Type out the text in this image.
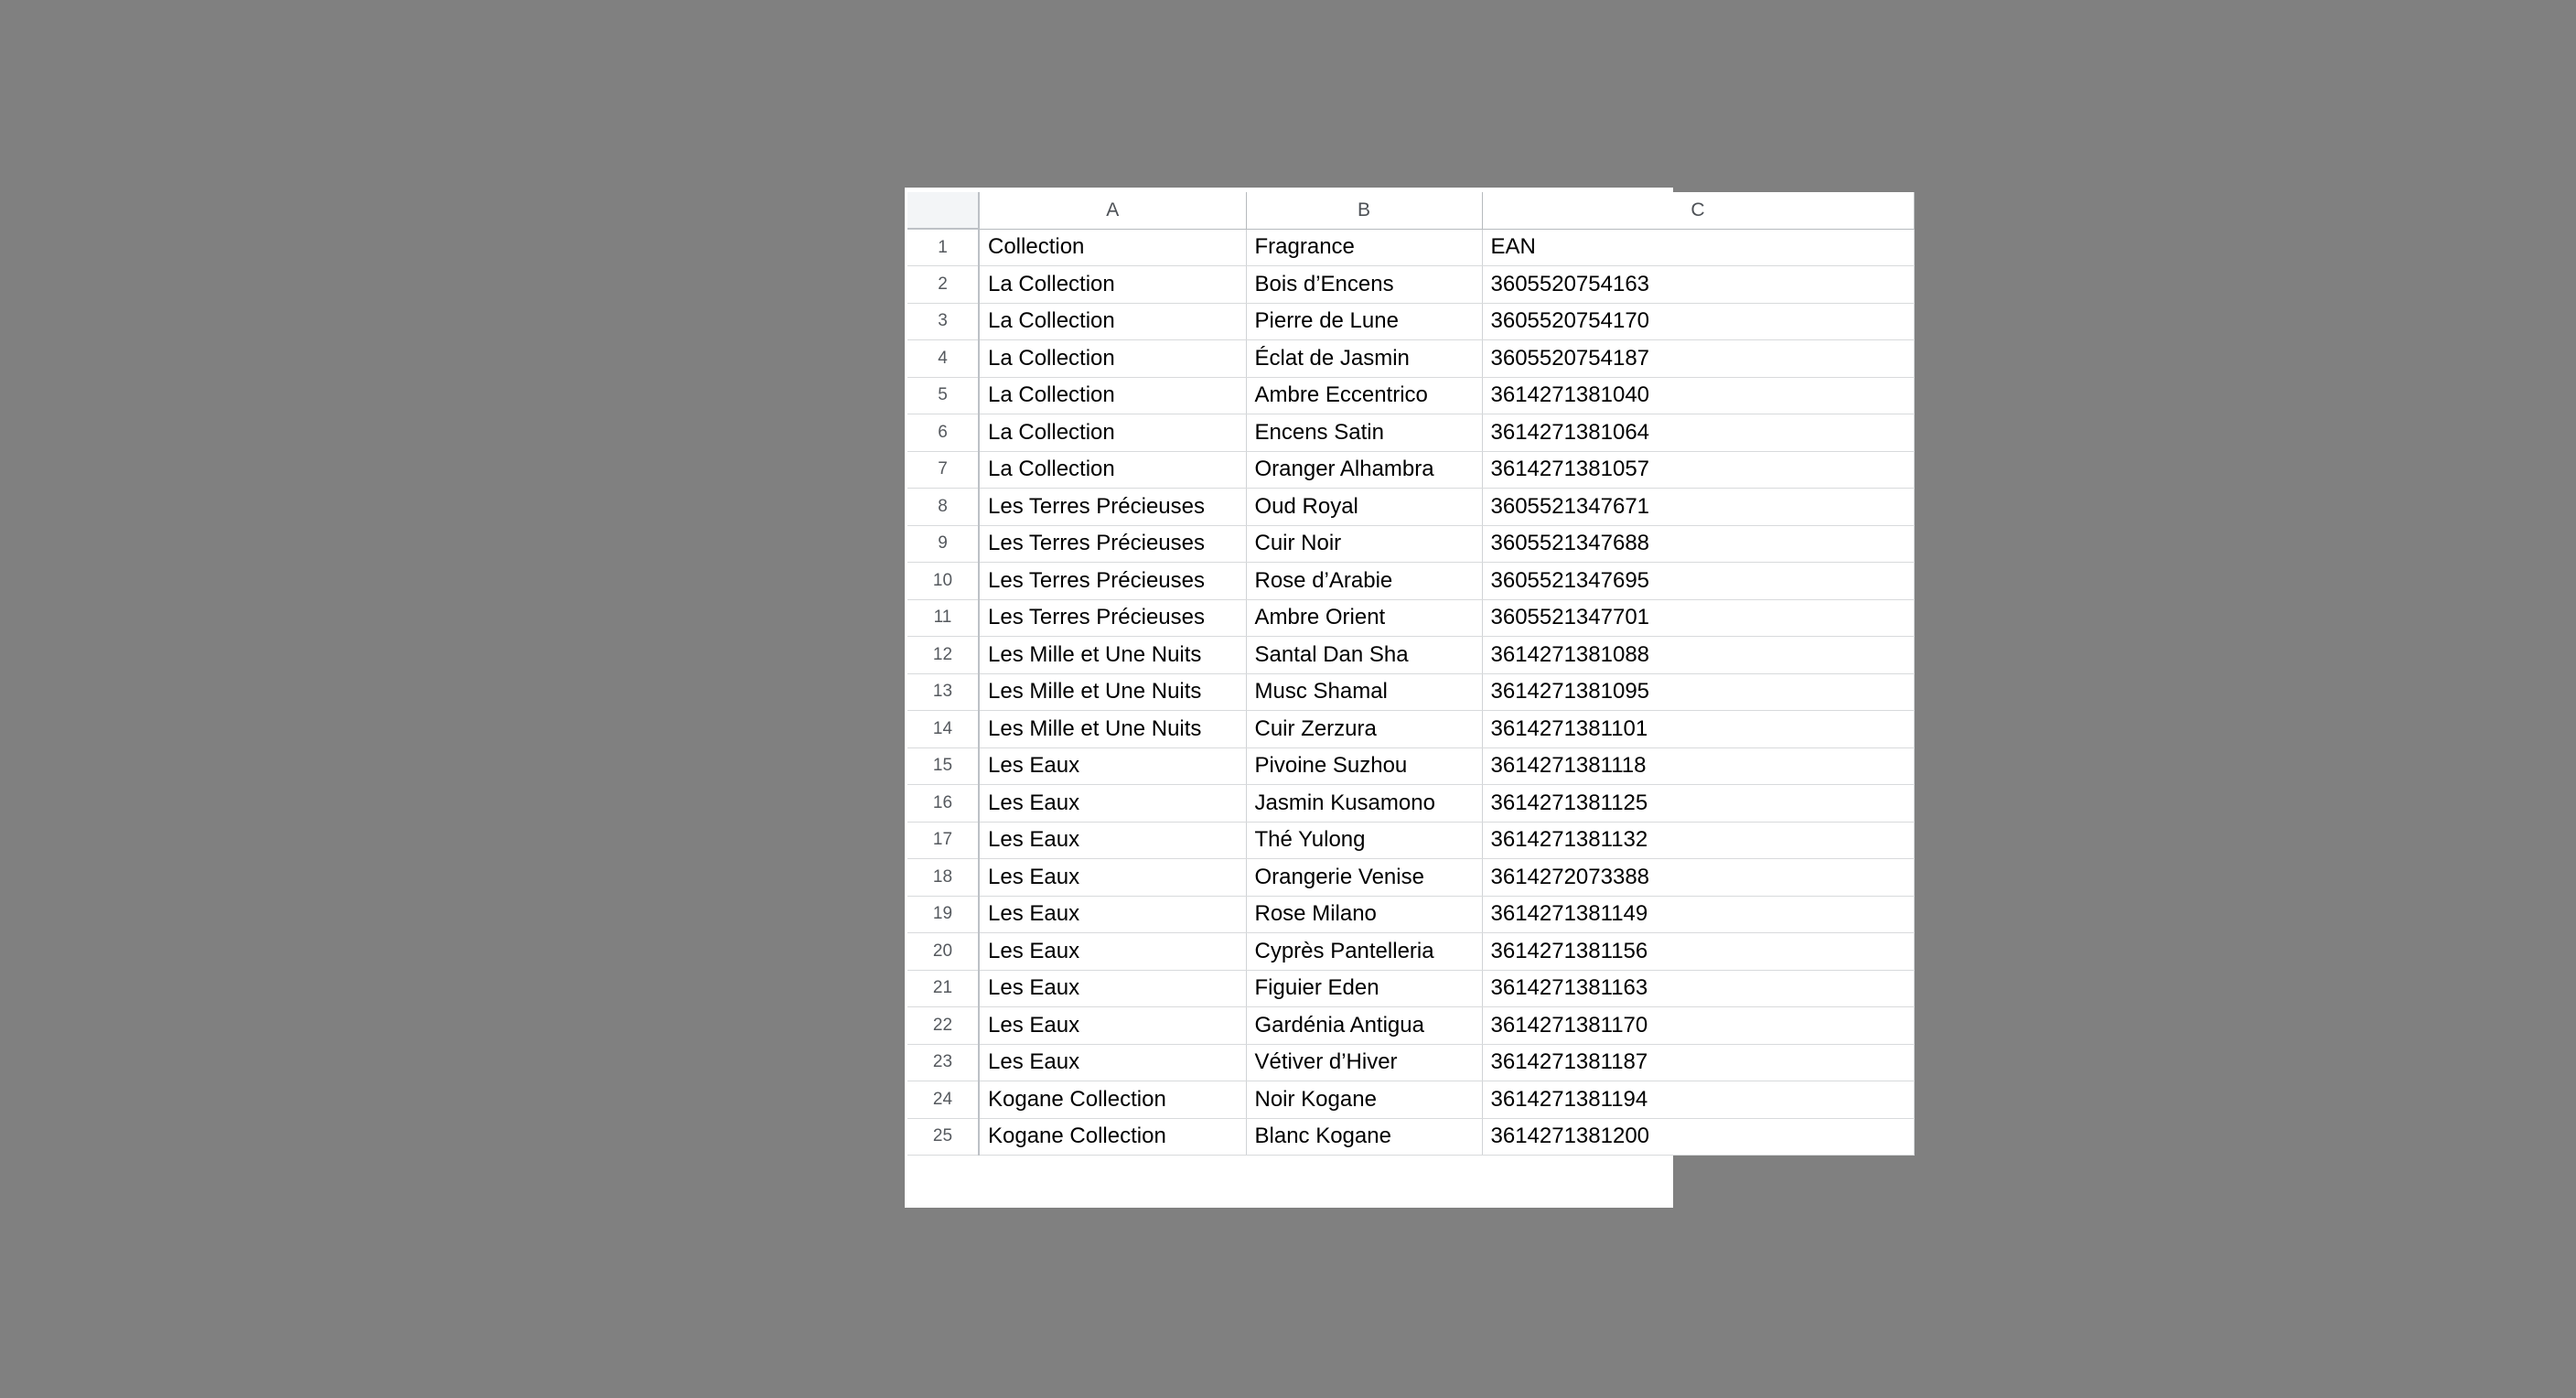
	A	B	C
1	Collection	Fragrance	EAN
2	La Collection	Bois d’Encens	3605520754163
3	La Collection	Pierre de Lune	3605520754170
4	La Collection	Éclat de Jasmin	3605520754187
5	La Collection	Ambre Eccentrico	3614271381040
6	La Collection	Encens Satin	3614271381064
7	La Collection	Oranger Alhambra	3614271381057
8	Les Terres Précieuses	Oud Royal	3605521347671
9	Les Terres Précieuses	Cuir Noir	3605521347688
10	Les Terres Précieuses	Rose d’Arabie	3605521347695
11	Les Terres Précieuses	Ambre Orient	3605521347701
12	Les Mille et Une Nuits	Santal Dan Sha	3614271381088
13	Les Mille et Une Nuits	Musc Shamal	3614271381095
14	Les Mille et Une Nuits	Cuir Zerzura	3614271381101
15	Les Eaux	Pivoine Suzhou	3614271381118
16	Les Eaux	Jasmin Kusamono	3614271381125
17	Les Eaux	Thé Yulong	3614271381132
18	Les Eaux	Orangerie Venise	3614272073388
19	Les Eaux	Rose Milano	3614271381149
20	Les Eaux	Cyprès Pantelleria	3614271381156
21	Les Eaux	Figuier Eden	3614271381163
22	Les Eaux	Gardénia Antigua	3614271381170
23	Les Eaux	Vétiver d’Hiver	3614271381187
24	Kogane Collection	Noir Kogane	3614271381194
25	Kogane Collection	Blanc Kogane	3614271381200
